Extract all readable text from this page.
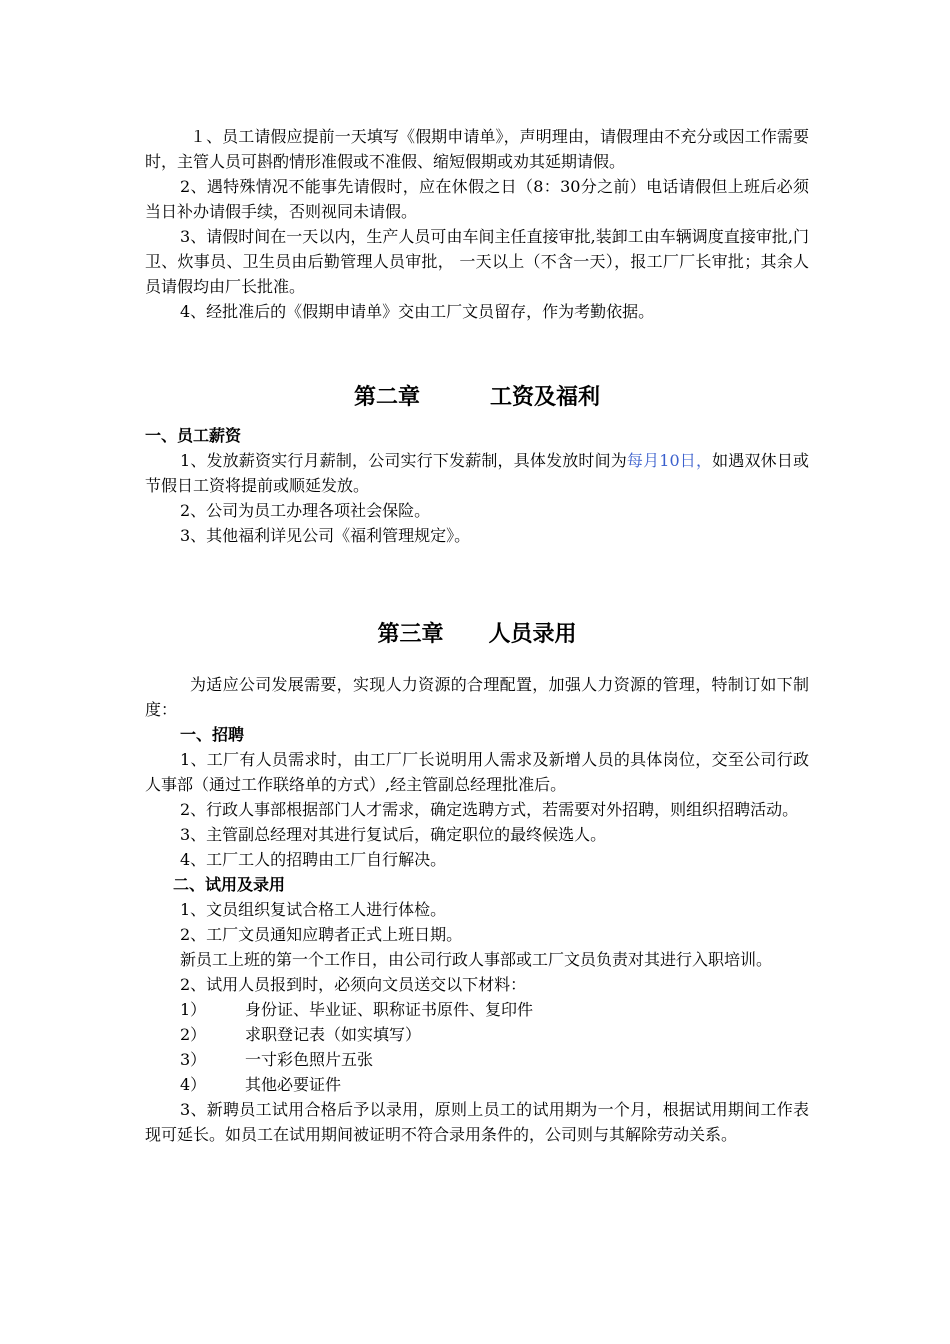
１、员工请假应提前一天填写《假期申请单》，声明理由，请假理由不充分或因工作需要时，主管人员可斟酌情形准假或不准假、缩短假期或劝其延期请假。

2、遇特殊情况不能事先请假时，应在休假之日（8：30分之前）电话请假但上班后必须当日补办请假手续，否则视同未请假。

3、请假时间在一天以内，生产人员可由车间主任直接审批,装卸工由车辆调度直接审批,门卫、炊事员、卫生员由后勤管理人员审批， 一天以上（不含一天），报工厂厂长审批；其余人员请假均由厂长批准。

4、经批准后的《假期申请单》交由工厂文员留存，作为考勤依据。

第二章	工资及福利

一、员工薪资

1、发放薪资实行月薪制，公司实行下发薪制，具体发放时间为每月10日，如遇双休日或节假日工资将提前或顺延发放。

2、公司为员工办理各项社会保险。

3、其他福利详见公司《福利管理规定》。

第三章 人员录用

为适应公司发展需要，实现人力资源的合理配置，加强人力资源的管理，特制订如下制度：

一、招聘

1、工厂有人员需求时，由工厂厂长说明用人需求及新增人员的具体岗位，交至公司行政人事部（通过工作联络单的方式）,经主管副总经理批准后。

2、行政人事部根据部门人才需求，确定选聘方式，若需要对外招聘，则组织招聘活动。

3、主管副总经理对其进行复试后，确定职位的最终候选人。

4、工厂工人的招聘由工厂自行解决。

二、试用及录用

1、文员组织复试合格工人进行体检。

2、工厂文员通知应聘者正式上班日期。

新员工上班的第一个工作日，由公司行政人事部或工厂文员负责对其进行入职培训。

2、试用人员报到时，必须向文员送交以下材料：

1）	身份证、毕业证、职称证书原件、复印件
2）	求职登记表（如实填写）
3）	一寸彩色照片五张
4）	其他必要证件

3、新聘员工试用合格后予以录用，原则上员工的试用期为一个月，根据试用期间工作表现可延长。如员工在试用期间被证明不符合录用条件的，公司则与其解除劳动关系。
